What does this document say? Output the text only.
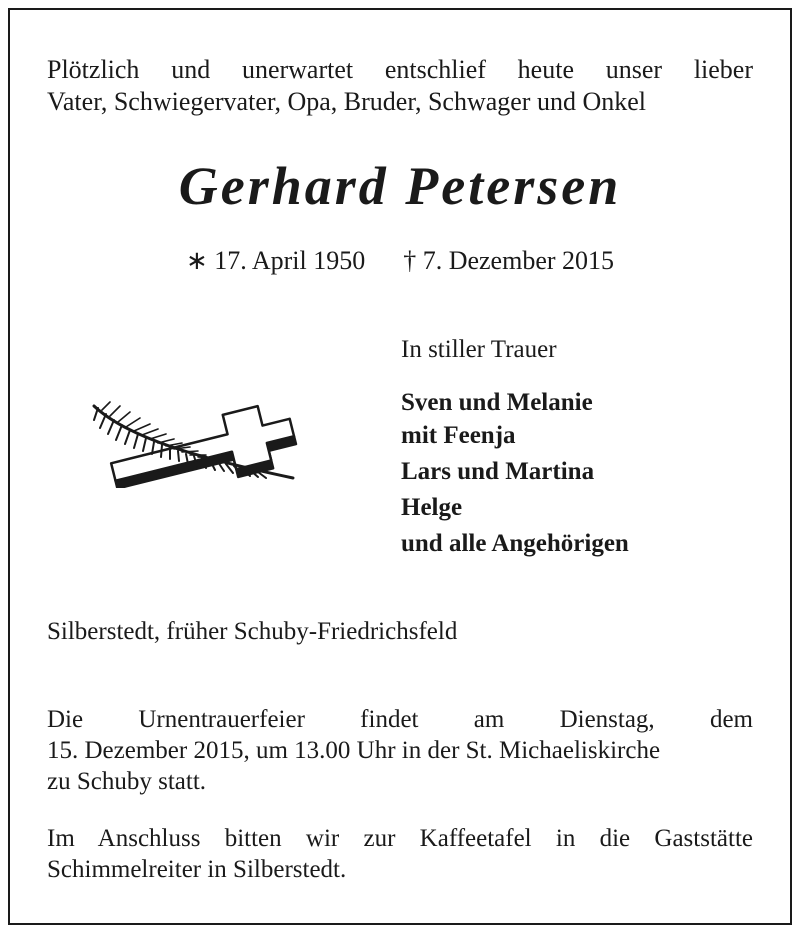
Plötzlich und unerwartet entschlief heute unser lieber
Vater, Schwiegervater, Opa, Bruder, Schwager und Onkel
Gerhard Petersen
∗ 17. April 1950 † 7. Dezember 2015
In stiller Trauer
Sven und Melanie
mit Feenja
Lars und Martina
Helge
und alle Angehörigen
Silberstedt, früher Schuby-Friedrichsfeld
Die Urnentrauerfeier findet am Dienstag, dem
15. Dezember 2015, um 13.00 Uhr in der St. Michaeliskirche
zu Schuby statt.
Im Anschluss bitten wir zur Kaffeetafel in die Gaststätte
Schimmelreiter in Silberstedt.
